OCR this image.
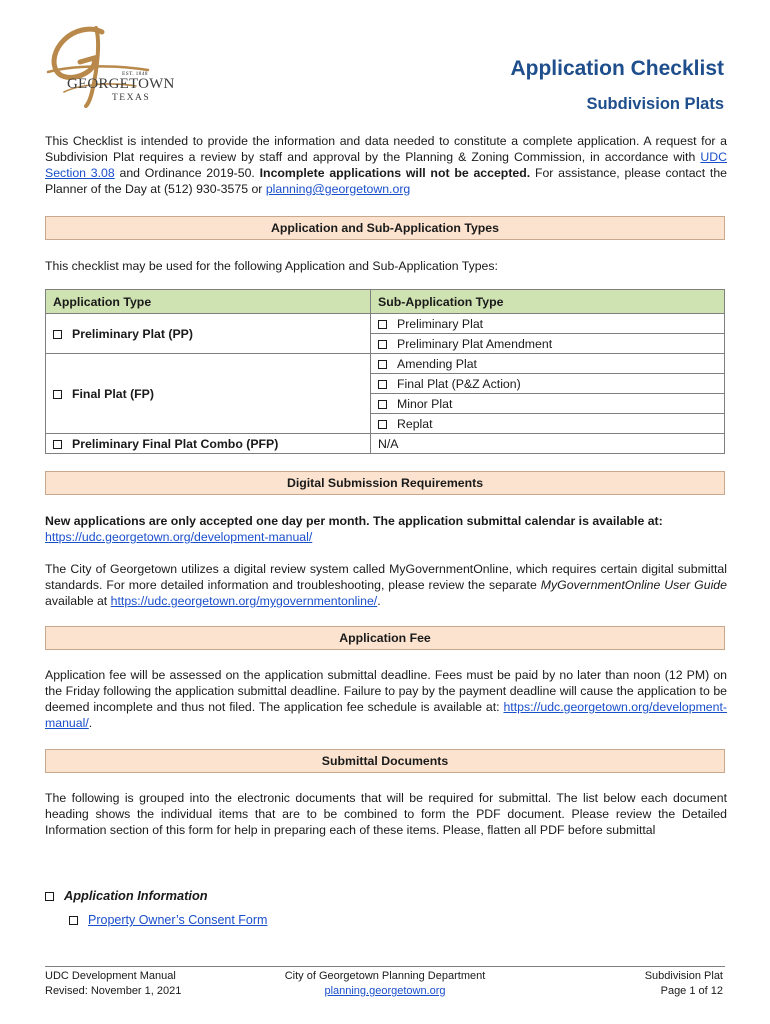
EST. 1848
GEORGETOWN
TEXAS
Application Checklist
Subdivision Plats

This Checklist is intended to provide the information and data needed to constitute a complete application. A request for a Subdivision Plat requires a review by staff and approval by the Planning & Zoning Commission, in accordance with UDC Section 3.08 and Ordinance 2019-50. Incomplete applications will not be accepted. For assistance, please contact the Planner of the Day at (512) 930-3575 or planning@georgetown.org

Application and Sub-Application Types

This checklist may be used for the following Application and Sub-Application Types:

Application Type	Sub-Application Type
Preliminary Plat (PP)	Preliminary Plat
	Preliminary Plat Amendment
Final Plat (FP)	Amending Plat
	Final Plat (P&Z Action)
	Minor Plat
	Replat
Preliminary Final Plat Combo (PFP)	N/A
Digital Submission Requirements

New applications are only accepted one day per month. The application submittal calendar is available at:
https://udc.georgetown.org/development-manual/

The City of Georgetown utilizes a digital review system called MyGovernmentOnline, which requires certain digital submittal standards. For more detailed information and troubleshooting, please review the separate MyGovernmentOnline User Guide available at https://udc.georgetown.org/mygovernmentonline/.

Application Fee

Application fee will be assessed on the application submittal deadline. Fees must be paid by no later than noon (12 PM) on the Friday following the application submittal deadline. Failure to pay by the payment deadline will cause the application to be deemed incomplete and thus not filed. The application fee schedule is available at: https://udc.georgetown.org/development-manual/.

Submittal Documents

The following is grouped into the electronic documents that will be required for submittal. The list below each document heading shows the individual items that are to be combined to form the PDF document. Please review the Detailed Information section of this form for help in preparing each of these items. Please, flatten all PDF before submittal

Application Information
Property Owner’s Consent Form
UDC Development Manual
Revised: November 1, 2021
City of Georgetown Planning Department
planning.georgetown.org
Subdivision Plat
Page 1 of 12
